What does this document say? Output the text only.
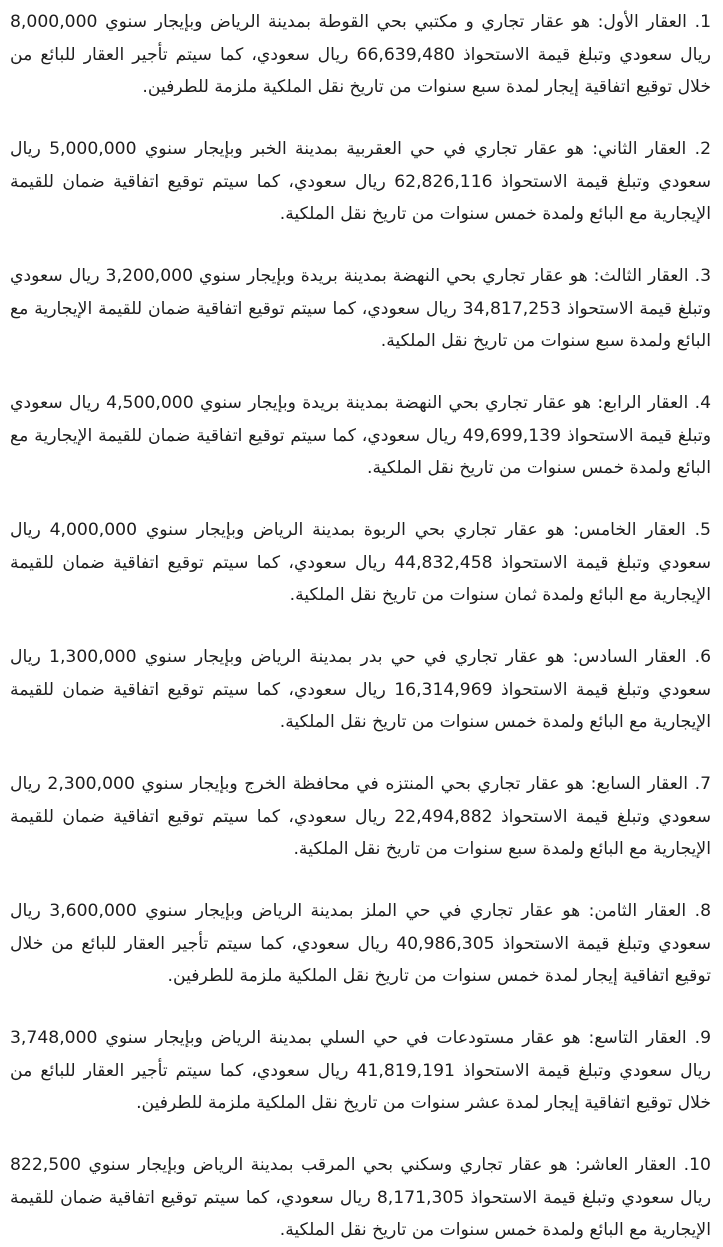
1. العقار الأول: هو عقار تجاري و مكتبي بحي القوطة بمدينة الرياض وبإيجار سنوي 8,000,000 ريال سعودي وتبلغ قيمة الاستحواذ 66,639,480 ريال سعودي، كما سيتم تأجير العقار للبائع من خلال توقيع اتفاقية إيجار لمدة سبع سنوات من تاريخ نقل الملكية ملزمة للطرفين.
2. العقار الثاني: هو عقار تجاري في حي العقربية بمدينة الخبر وبإيجار سنوي 5,000,000 ريال سعودي وتبلغ قيمة الاستحواذ 62,826,116 ريال سعودي، كما سيتم توقيع اتفاقية ضمان للقيمة الإيجارية مع البائع ولمدة خمس سنوات من تاريخ نقل الملكية.
3. العقار الثالث: هو عقار تجاري بحي النهضة بمدينة بريدة وبإيجار سنوي 3,200,000 ريال سعودي وتبلغ قيمة الاستحواذ 34,817,253 ريال سعودي، كما سيتم توقيع اتفاقية ضمان للقيمة الإيجارية مع البائع ولمدة سبع سنوات من تاريخ نقل الملكية.
4. العقار الرابع: هو عقار تجاري بحي النهضة بمدينة بريدة وبإيجار سنوي 4,500,000 ريال سعودي وتبلغ قيمة الاستحواذ 49,699,139 ريال سعودي، كما سيتم توقيع اتفاقية ضمان للقيمة الإيجارية مع البائع ولمدة خمس سنوات من تاريخ نقل الملكية.
5. العقار الخامس: هو عقار تجاري بحي الربوة بمدينة الرياض وبإيجار سنوي 4,000,000 ريال سعودي وتبلغ قيمة الاستحواذ 44,832,458 ريال سعودي، كما سيتم توقيع اتفاقية ضمان للقيمة الإيجارية مع البائع ولمدة ثمان سنوات من تاريخ نقل الملكية.
6. العقار السادس: هو عقار تجاري في حي بدر بمدينة الرياض وبإيجار سنوي 1,300,000 ريال سعودي وتبلغ قيمة الاستحواذ 16,314,969 ريال سعودي، كما سيتم توقيع اتفاقية ضمان للقيمة الإيجارية مع البائع ولمدة خمس سنوات من تاريخ نقل الملكية.
7. العقار السابع: هو عقار تجاري بحي المنتزه في محافظة الخرج وبإيجار سنوي 2,300,000 ريال سعودي وتبلغ قيمة الاستحواذ 22,494,882 ريال سعودي، كما سيتم توقيع اتفاقية ضمان للقيمة الإيجارية مع البائع ولمدة سبع سنوات من تاريخ نقل الملكية.
8. العقار الثامن: هو عقار تجاري في حي الملز بمدينة الرياض وبإيجار سنوي 3,600,000 ريال سعودي وتبلغ قيمة الاستحواذ 40,986,305 ريال سعودي، كما سيتم تأجير العقار للبائع من خلال توقيع اتفاقية إيجار لمدة خمس سنوات من تاريخ نقل الملكية ملزمة للطرفين.
9. العقار التاسع: هو عقار مستودعات في حي السلي بمدينة الرياض وبإيجار سنوي 3,748,000 ريال سعودي وتبلغ قيمة الاستحواذ 41,819,191 ريال سعودي، كما سيتم تأجير العقار للبائع من خلال توقيع اتفاقية إيجار لمدة عشر سنوات من تاريخ نقل الملكية ملزمة للطرفين.
10. العقار العاشر: هو عقار تجاري وسكني بحي المرقب بمدينة الرياض وبإيجار سنوي 822,500 ريال سعودي وتبلغ قيمة الاستحواذ 8,171,305 ريال سعودي، كما سيتم توقيع اتفاقية ضمان للقيمة الإيجارية مع البائع ولمدة خمس سنوات من تاريخ نقل الملكية.
